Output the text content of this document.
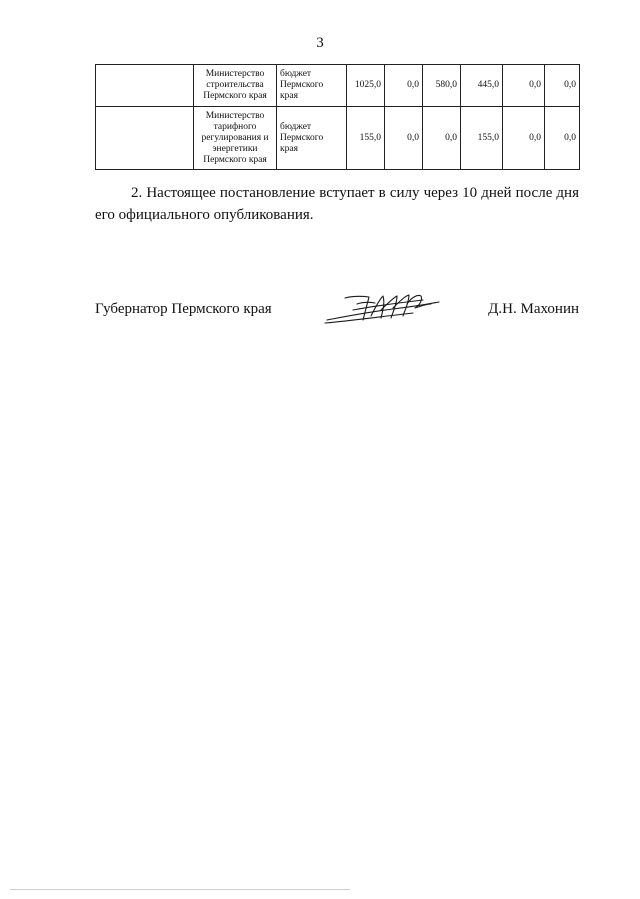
3
	Министерство строительства Пермского края	бюджет Пермского края	1025,0	0,0	580,0	445,0	0,0	0,0
	Министерство тарифного регулирования и энергетики Пермского края	бюджет Пермского края	155,0	0,0	0,0	155,0	0,0	0,0

2. Настоящее постановление вступает в силу через 10 дней после дня его официального опубликования.

Губернатор Пермского края	Д.Н. Махонин
